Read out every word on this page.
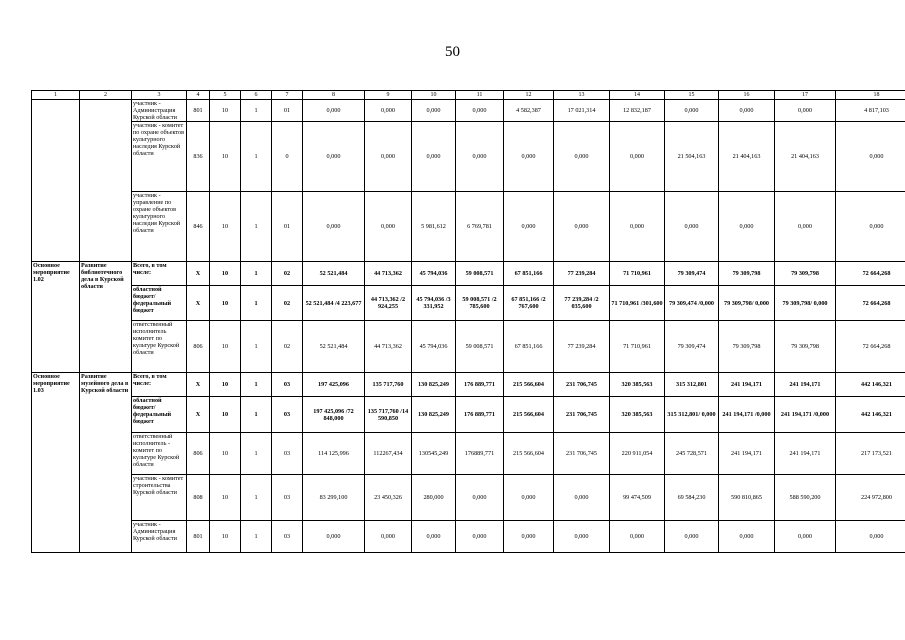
50
1	2	3	4	5	6	7	8	9	10	11	12	13	14	15	16	17	18
		участник - Администрация Курской области	801	10	1	01	0,000	0,000	0,000	0,000	4 582,387	17 021,314	12 832,187	0,000	0,000	0,000	4 817,103
		участник - комитет по охране объектов культурного наследия Курской области	836	10	1	0	0,000	0,000	0,000	0,000	0,000	0,000	0,000	21 504,163	21 404,163	21 404,163	0,000
		участник - управление по охране объектов культурного наследия Курской области	846	10	1	01	0,000	0,000	5 981,612	6 769,781	0,000	0,000	0,000	0,000	0,000	0,000	0,000
Основное мероприятие 1.02	Развитие библиотечного дела в Курской области	Всего, в том числе:	X	10	1	02	52 521,484	44 713,362	45 794,036	59 008,571	67 851,166	77 239,284	71 710,961	79 309,474	79 309,798	79 309,798	72 664,268
		областной бюджет/ федеральный бюджет	X	10	1	02	52 521,484 /4 223,677	44 713,362 /2 924,255	45 794,036 /3 331,952	59 008,571 /2 785,600	67 851,166 /2 767,600	77 239,284 /2 035,600	71 710,961 /301,600	79 309,474 /0,000	79 309,798/ 0,000	79 309,798/ 0,000	72 664,268
		ответственный исполнитель комитет по культуре Курской области	806	10	1	02	52 521,484	44 713,362	45 794,036	59 008,571	67 851,166	77 239,284	71 710,961	79 309,474	79 309,798	79 309,798	72 664,268
Основное мероприятие 1.03	Развитие музейного дела в Курской области	Всего, в том числе:	X	10	1	03	197 425,096	135 717,760	130 825,249	176 889,771	215 566,604	231 706,745	320 385,563	315 312,801	241 194,171	241 194,171	442 146,321
		областной бюджет/ федеральный бюджет	X	10	1	03	197 425,096 /72 848,000	135 717,760 /14 590,850	130 825,249	176 889,771	215 566,604	231 706,745	320 385,563	315 312,801/ 0,000	241 194,171 /0,000	241 194,171 /0,000	442 146,321
		ответственный исполнитель - комитет по культуре Курской области	806	10	1	03	114 125,996	112267,434	130545,249	176889,771	215 566,604	231 706,745	220 911,054	245 728,571	241 194,171	241 194,171	217 173,521
		участник - комитет строительства Курской области	808	10	1	03	83 299,100	23 450,326	280,000	0,000	0,000	0,000	99 474,509	69 584,230	590 810,865	588 590,200	224 972,800
		участник - Администрация Курской области	801	10	1	03	0,000	0,000	0,000	0,000	0,000	0,000	0,000	0,000	0,000	0,000	0,000
